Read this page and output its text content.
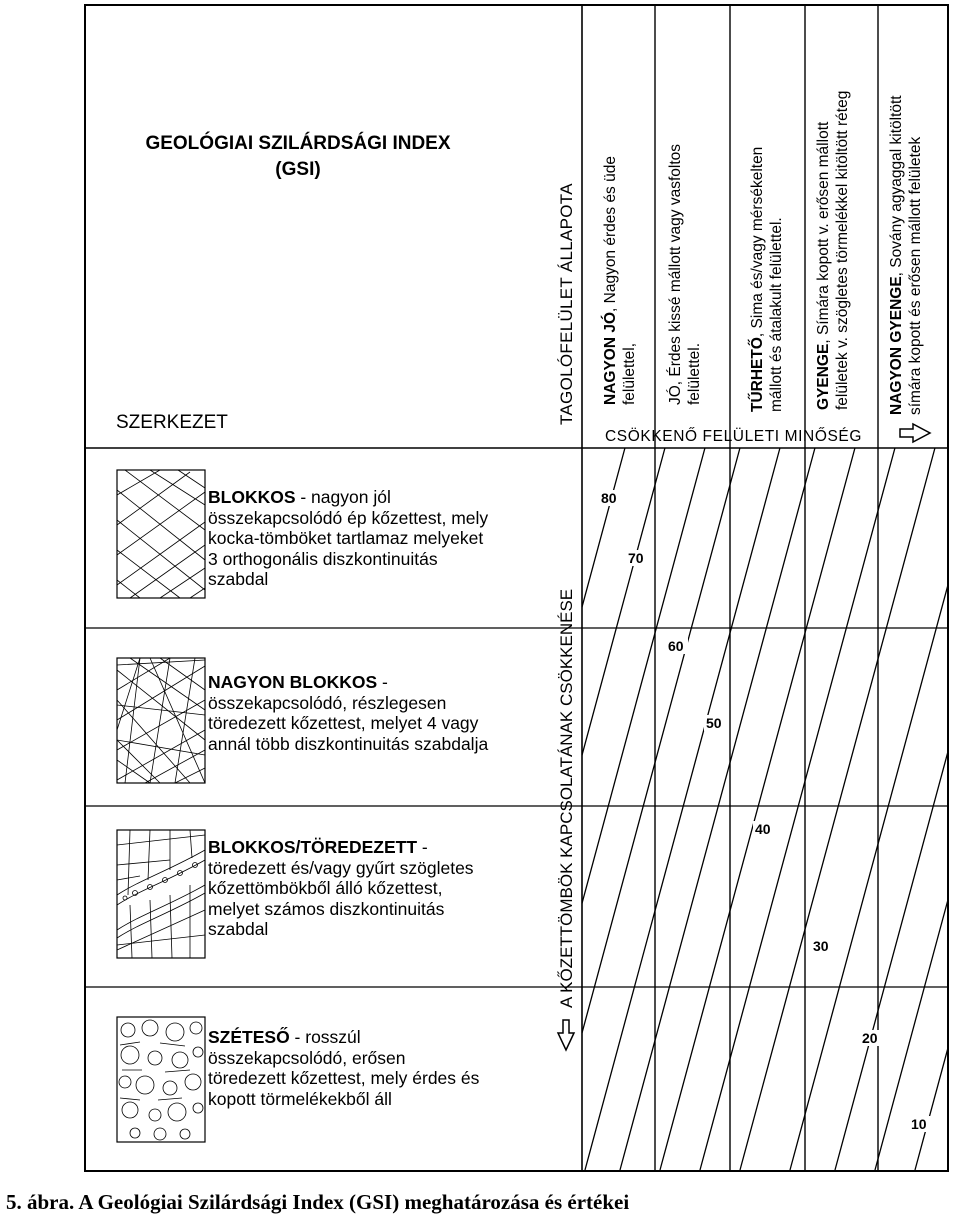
80
70
60
50
40
30
20
10
GEOLÓGIAI SZILÁRDSÁGI INDEX
(GSI)
SZERKEZET	TAGOLÓFELÜLET ÁLLAPOTA NAGYON JÓ, Nagyon érdes és üde
felülettel, JÓ, Érdes kissé mállott vagy vasfoltos felülettel.	TŰRHETŐ, Sima és/vagy mérsékelten mállott és átalakult felülettel. GYENGE, Símára kopott v. erősen mállott felületek v. szögletes törmelékkel kitöltött réteg NAGYON GYENGE, Sovány agyaggal kitöltött símára kopott és erősen mállott felületek
CSÖKKENŐ FELÜLETI MINŐSÉG
A KŐZETTÖMBÖK KAPCSOLATÁNAK CSÖKKENÉSE
BLOKKOS - nagyon jól
összekapcsolódó ép kőzettest, mely
kocka-tömböket tartlamaz melyeket
3 orthogonális diszkontinuitás
szabdal
NAGYON BLOKKOS -
összekapcsolódó, részlegesen
töredezett kőzettest, melyet 4 vagy
annál több diszkontinuitás szabdalja
BLOKKOS/TÖREDEZETT -
töredezett és/vagy gyűrt szögletes
kőzettömbökből álló kőzettest,
melyet számos diszkontinuitás
szabdal
SZÉTESŐ - rosszúl
összekapcsolódó, erősen
töredezett kőzettest, mely érdes és
kopott törmelékekből áll
5. ábra. A Geológiai Szilárdsági Index (GSI) meghatározása és értékei
